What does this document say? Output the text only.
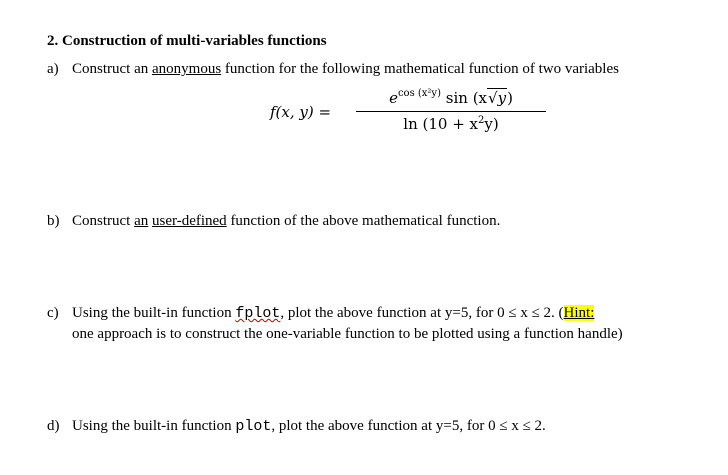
2. Construction of multi-variables functions
a) Construct an anonymous function for the following mathematical function of two variables
f(x, y) =
$e^{cos (x^2y)}$ sin (x√y)
$\ln (10 + x^2y)$
b) Construct an user-defined function of the above mathematical function.
c) Using the built-in function fplot, plot the above function at y=5, for 0 ≤ x ≤ 2. (Hint:
one approach is to construct the one-variable function to be plotted using a function handle)
d) Using the built-in function plot, plot the above function at y=5, for 0 ≤ x ≤ 2.
